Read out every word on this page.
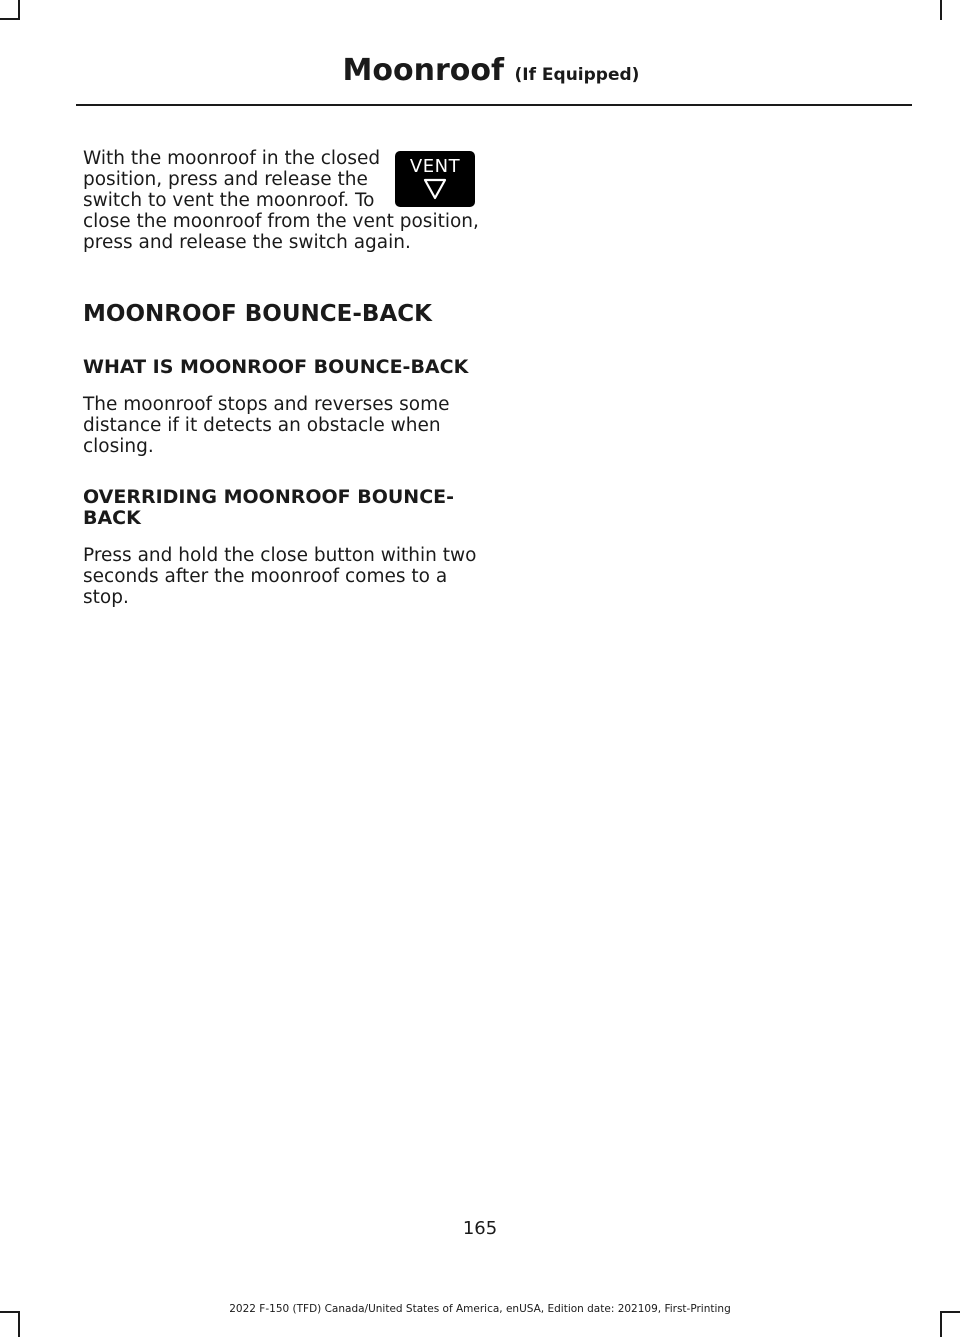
Moonroof (If Equipped)
VENT

With the moonroof in the closed position, press and release the switch to vent the moonroof. To close the moonroof from the vent position, press and release the switch again.

MOONROOF BOUNCE-BACK
WHAT IS MOONROOF BOUNCE-BACK

The moonroof stops and reverses some distance if it detects an obstacle when closing.

OVERRIDING MOONROOF BOUNCE-BACK

Press and hold the close button within two seconds after the moonroof comes to a stop.

165
2022 F-150 (TFD) Canada/United States of America, enUSA, Edition date: 202109, First-Printing
